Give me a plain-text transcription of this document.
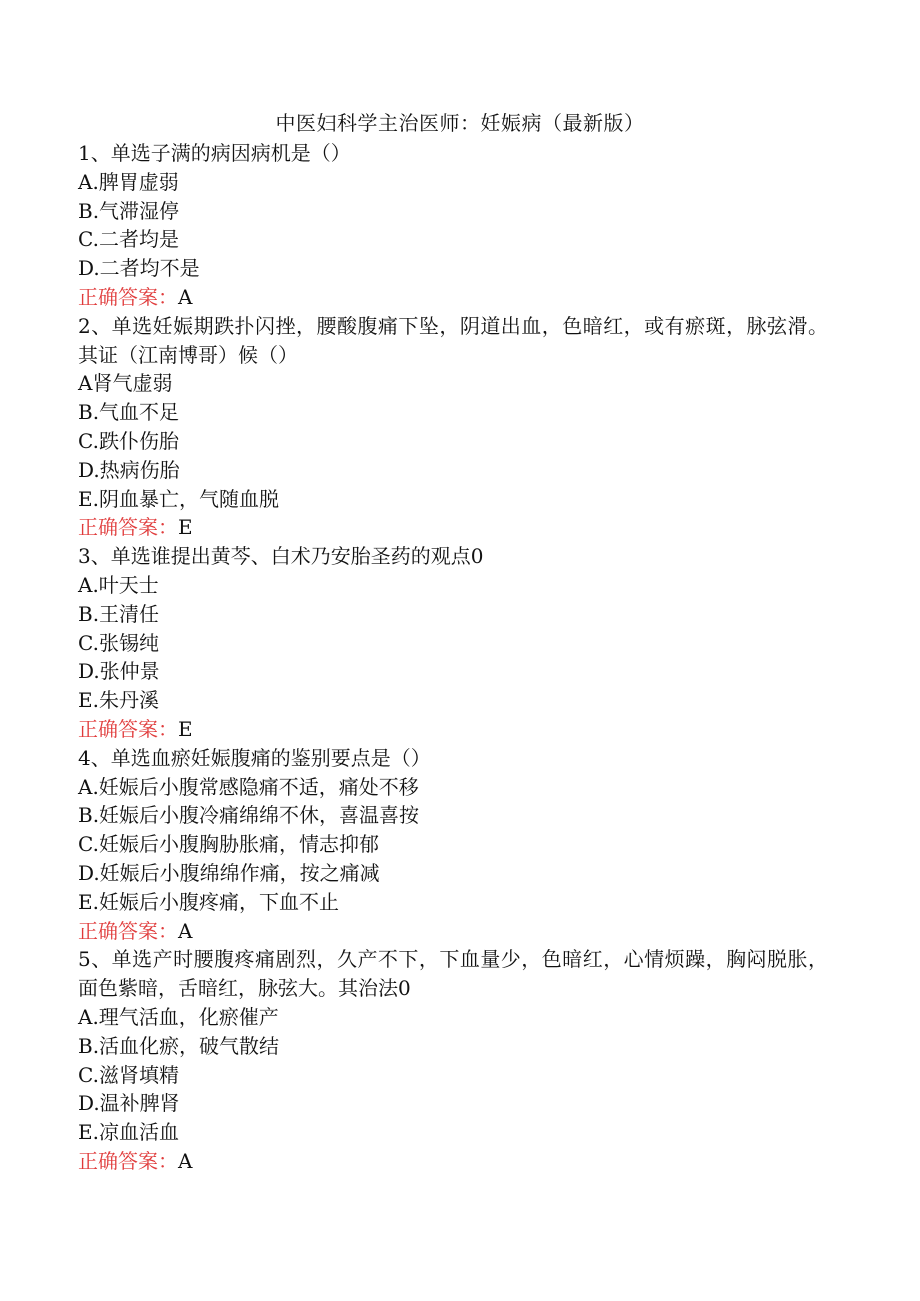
中医妇科学主治医师：妊娠病（最新版）
1、单选子满的病因病机是（）
A.脾胃虚弱
B.气滞湿停
C.二者均是
D.二者均不是
正确答案：A
2、单选妊娠期跌扑闪挫，腰酸腹痛下坠，阴道出血，色暗红，或有瘀斑，脉弦滑。其证（江南博哥）候（）
A肾气虚弱
B.气血不足
C.跌仆伤胎
D.热病伤胎
E.阴血暴亡，气随血脱
正确答案：E
3、单选谁提出黄芩、白术乃安胎圣药的观点0
A.叶天士
B.王清任
C.张锡纯
D.张仲景
E.朱丹溪
正确答案：E
4、单选血瘀妊娠腹痛的鉴别要点是（）
A.妊娠后小腹常感隐痛不适，痛处不移
B.妊娠后小腹冷痛绵绵不休，喜温喜按
C.妊娠后小腹胸胁胀痛，情志抑郁
D.妊娠后小腹绵绵作痛，按之痛减
E.妊娠后小腹疼痛，下血不止
正确答案：A
5、单选产时腰腹疼痛剧烈，久产不下，下血量少，色暗红，心情烦躁，胸闷脱胀，面色紫暗，舌暗红，脉弦大。其治法0
A.理气活血，化瘀催产
B.活血化瘀，破气散结
C.滋肾填精
D.温补脾肾
E.凉血活血
正确答案：A
